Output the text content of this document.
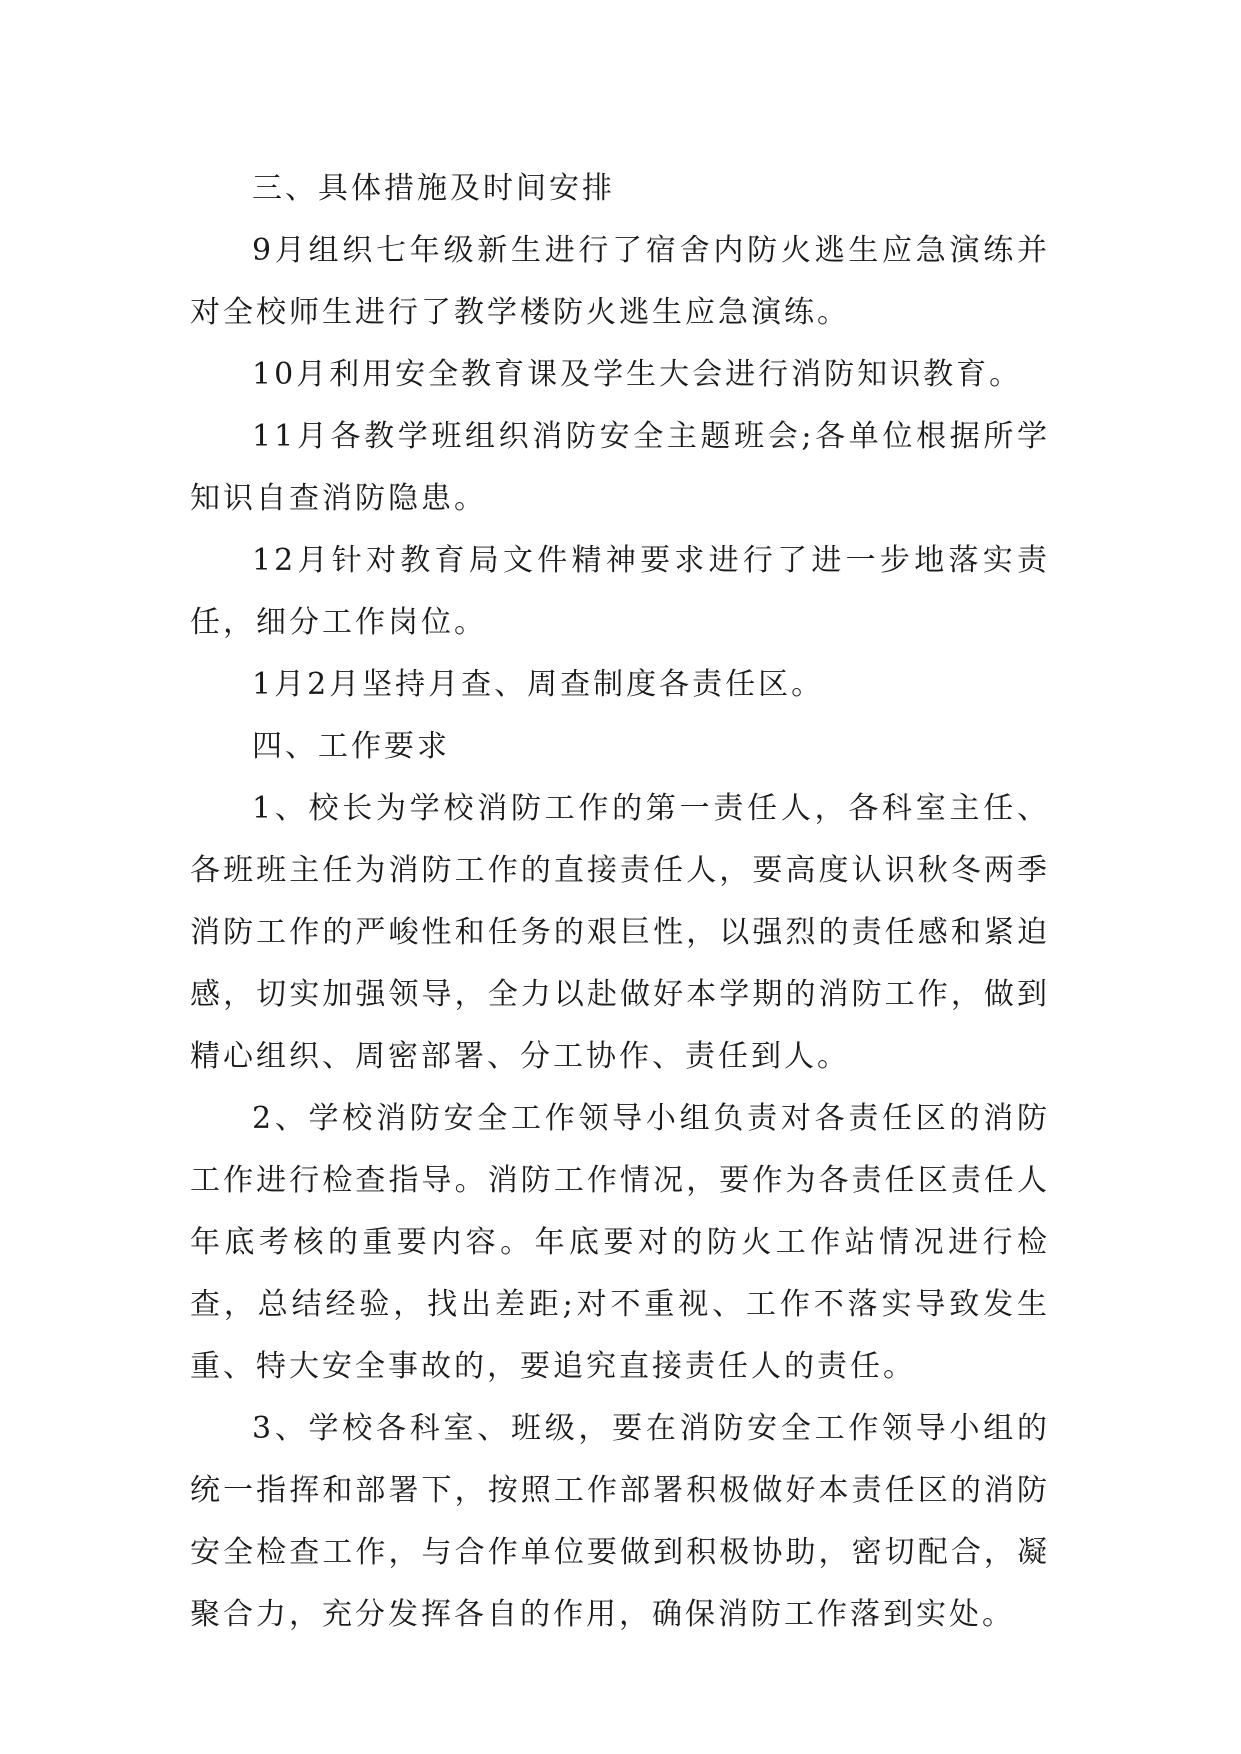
三、具体措施及时间安排

9月组织七年级新生进行了宿舍内防火逃生应急演练并对全校师生进行了教学楼防火逃生应急演练。

10月利用安全教育课及学生大会进行消防知识教育。

11月各教学班组织消防安全主题班会;各单位根据所学知识自查消防隐患。

12月针对教育局文件精神要求进行了进一步地落实责任，细分工作岗位。

1月2月坚持月查、周查制度各责任区。

四、工作要求

1、校长为学校消防工作的第一责任人，各科室主任、各班班主任为消防工作的直接责任人，要高度认识秋冬两季消防工作的严峻性和任务的艰巨性，以强烈的责任感和紧迫感，切实加强领导，全力以赴做好本学期的消防工作，做到精心组织、周密部署、分工协作、责任到人。

2、学校消防安全工作领导小组负责对各责任区的消防工作进行检查指导。消防工作情况，要作为各责任区责任人年底考核的重要内容。年底要对的防火工作站情况进行检查，总结经验，找出差距;对不重视、工作不落实导致发生重、特大安全事故的，要追究直接责任人的责任。

3、学校各科室、班级，要在消防安全工作领导小组的统一指挥和部署下，按照工作部署积极做好本责任区的消防安全检查工作，与合作单位要做到积极协助，密切配合，凝聚合力，充分发挥各自的作用，确保消防工作落到实处。
